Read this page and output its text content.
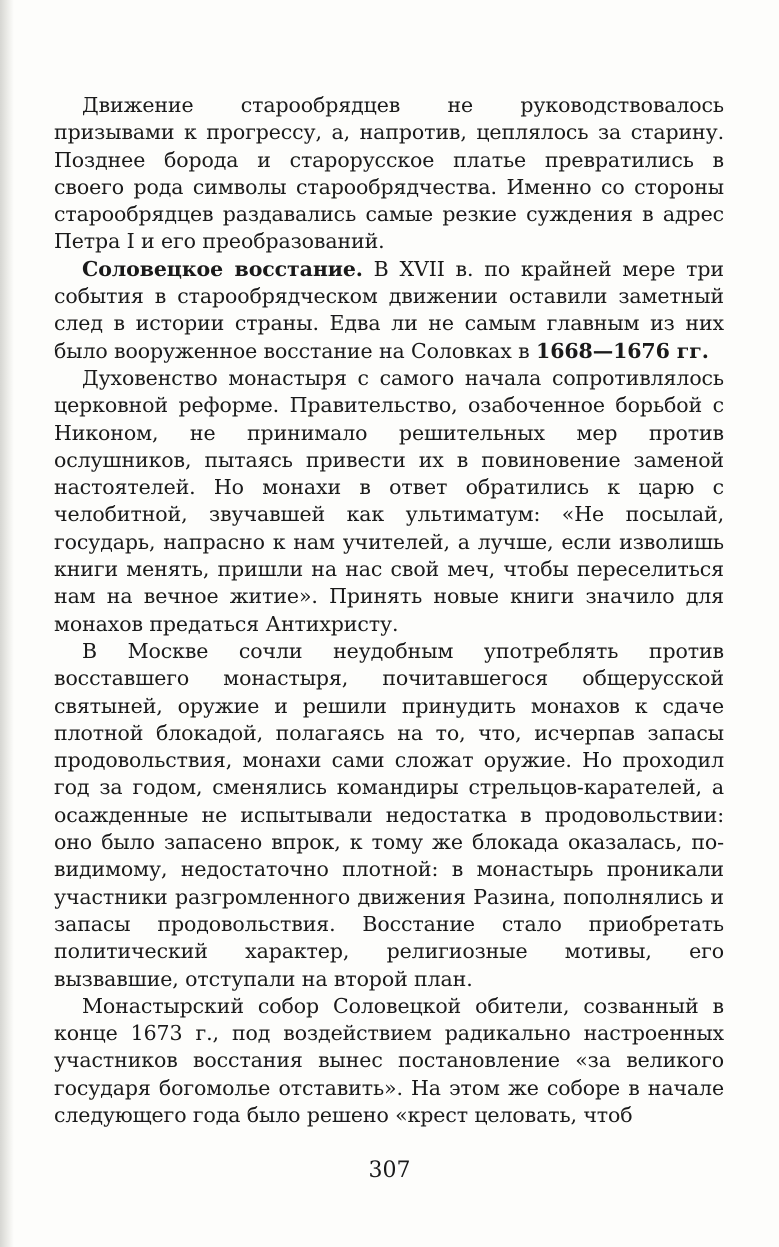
Движение старообрядцев не руководствовалось призывами к прогрессу, а, напротив, цеплялось за старину. Позднее борода и старорусское платье превратились в своего рода символы старообрядчества. Именно со стороны старообрядцев раздавались самые резкие суждения в адрес Петра I и его преобразований.

Соловецкое восстание. В XVII в. по крайней мере три события в старообрядческом движении оставили заметный след в истории страны. Едва ли не самым главным из них было вооруженное восстание на Соловках в 1668—1676 гг.

Духовенство монастыря с самого начала сопротивлялось церковной реформе. Правительство, озабоченное борьбой с Никоном, не принимало решительных мер против ослушников, пытаясь привести их в повиновение заменой настоятелей. Но монахи в ответ обратились к царю с челобитной, звучавшей как ультиматум: «Не посылай, государь, напрасно к нам учителей, а лучше, если изволишь книги менять, пришли на нас свой меч, чтобы переселиться нам на вечное житие». Принять новые книги значило для монахов предаться Антихристу.

В Москве сочли неудобным употреблять против восставшего монастыря, почитавшегося общерусской святыней, оружие и решили принудить монахов к сдаче плотной блокадой, полагаясь на то, что, исчерпав запасы продовольствия, монахи сами сложат оружие. Но проходил год за годом, сменялись командиры стрельцов-карателей, а осажденные не испытывали недостатка в продовольствии: оно было запасено впрок, к тому же блокада оказалась, по-видимому, недостаточно плотной: в монастырь проникали участники разгромленного движения Разина, пополнялись и запасы продовольствия. Восстание стало приобретать политический характер, религиозные мотивы, его вызвавшие, отступали на второй план.

Монастырский собор Соловецкой обители, созванный в конце 1673 г., под воздействием радикально настроенных участников восстания вынес постановление «за великого государя богомолье отставить». На этом же соборе в начале следующего года было решено «крест целовать, чтоб

307
